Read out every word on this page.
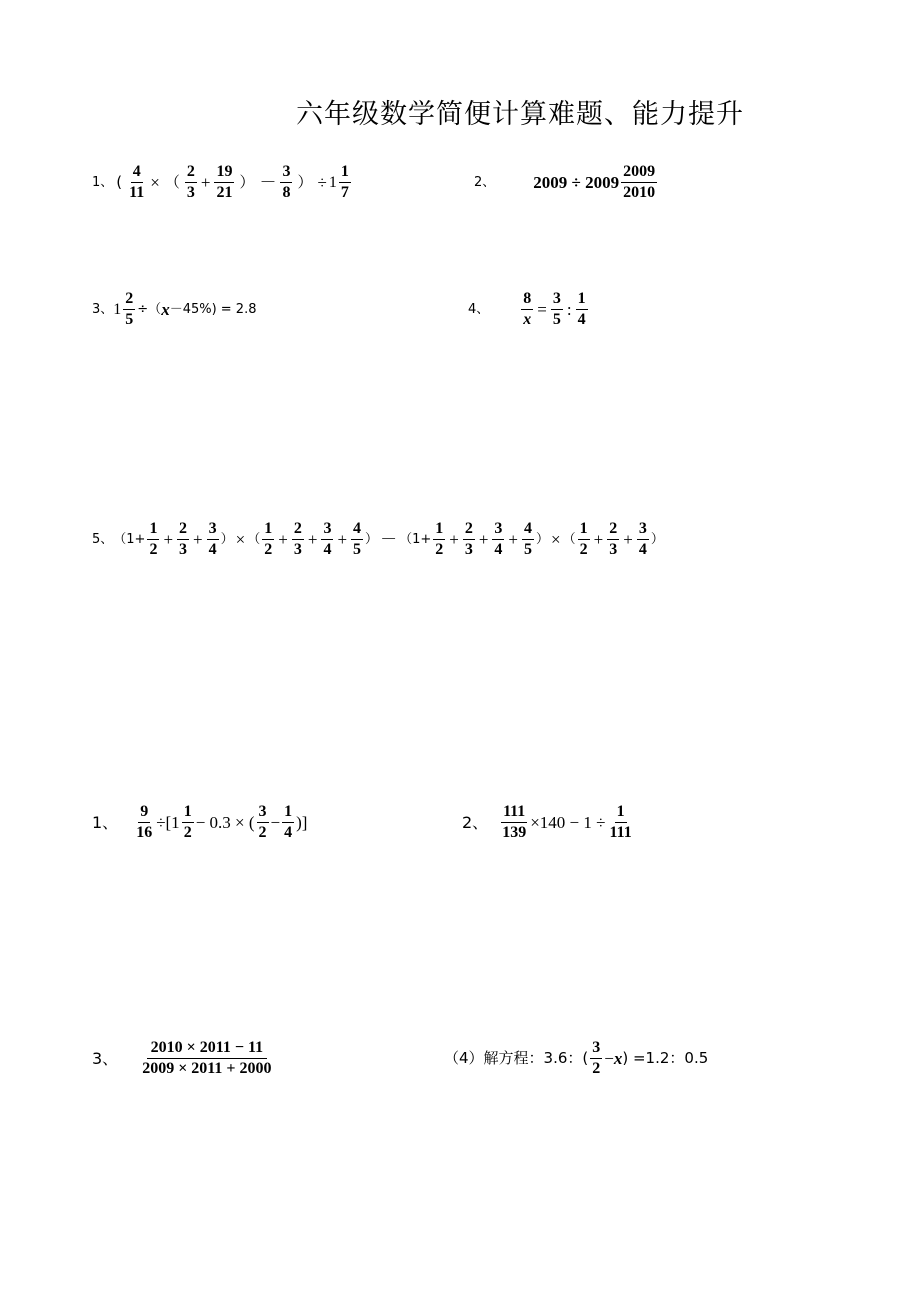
六年级数学简便计算难题、能力提升
1、 ( $\frac{4}{11}$ × （ $\frac{2}{3} + \frac{19}{21}$ ） － $\frac{3}{8}$ ） ÷ $1 \frac{1}{7}$	2、 $2009 \div 2009 \frac{2009}{2010}$
3、 $1 \frac{2}{5}$ ÷（ x －45%) = 2.8	4、 $\frac{8}{x} = \frac{3}{5}$ : $\frac{1}{4}$
5、 （$1+ \frac{1}{2} + \frac{2}{3} + \frac{3}{4}$ ） × （ $\frac{1}{2} + \frac{2}{3} + \frac{3}{4} + \frac{4}{5}$ ） － （$1+ \frac{1}{2} + \frac{2}{3} + \frac{3}{4} + \frac{4}{5}$ ） × （ $\frac{1}{2} + \frac{2}{3} + \frac{3}{4}$ ）
1、 $\frac{9}{16} \div[1 \frac{1}{2} - 0.3$ × ( $\frac{3}{2} - \frac{1}{4}$ )]	2、 $\frac{111}{139} \times 140 - 1 \div \frac{1}{111}$
3、 $\frac{2010 \times 2011 - 11}{2009 \times 2011 + 2000}$	（4）解方程：3.6：( $\frac{3}{2} - x$ ) =1.2：0.5
